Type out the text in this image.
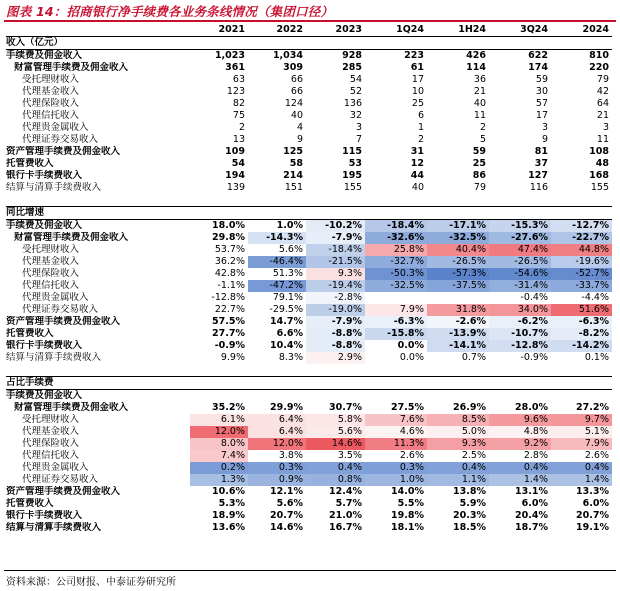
图表 14：招商银行净手续费各业务条线情况（集团口径）
	2021	2022	2023	1Q24	1H24	3Q24	2024
收入（亿元）							
手续费及佣金收入	1,023	1,034	928	223	426	622	810
财富管理手续费及佣金收入	361	309	285	61	114	174	220
受托理财收入	63	66	54	17	36	59	79
代理基金收入	123	66	52	10	21	30	42
代理保险收入	82	124	136	25	40	57	64
代理信托收入	75	40	32	6	11	17	21
代理贵金属收入	2	4	3	1	2	3	3
代理证券交易收入	13	9	7	2	5	9	11
资产管理手续费及佣金收入	109	125	115	31	59	81	108
托管费收入	54	58	53	12	25	37	48
银行卡手续费收入	194	214	195	44	86	127	168
结算与清算手续费收入	139	151	155	40	79	116	155

同比增速							
手续费及佣金收入	18.0%	1.0%	-10.2%	-18.4%	-17.1%	-15.3%	-12.7%
财富管理手续费及佣金收入	29.8%	-14.3%	-7.9%	-32.6%	-32.5%	-27.6%	-22.7%
受托理财收入	53.7%	5.6%	-18.4%	25.8%	40.4%	47.4%	44.8%
代理基金收入	36.2%	-46.4%	-21.5%	-32.7%	-26.5%	-26.5%	-19.6%
代理保险收入	42.8%	51.3%	9.3%	-50.3%	-57.3%	-54.6%	-52.7%
代理信托收入	-1.1%	-47.2%	-19.4%	-32.5%	-37.5%	-31.4%	-33.7%
代理贵金属收入	-12.8%	79.1%	-2.8%			-0.4%	-4.4%
代理证券交易收入	22.7%	-29.5%	-19.0%	7.9%	31.8%	34.0%	51.6%
资产管理手续费及佣金收入	57.5%	14.7%	-7.9%	-6.3%	-2.6%	-6.2%	-6.3%
托管费收入	27.7%	6.6%	-8.8%	-15.8%	-13.9%	-10.7%	-8.2%
银行卡手续费收入	-0.9%	10.4%	-8.8%	0.0%	-14.1%	-12.8%	-14.2%
结算与清算手续费收入	9.9%	8.3%	2.9%	0.0%	0.7%	-0.9%	0.1%

占比手续费							
手续费及佣金收入							
财富管理手续费及佣金收入	35.2%	29.9%	30.7%	27.5%	26.9%	28.0%	27.2%
受托理财收入	6.1%	6.4%	5.8%	7.6%	8.5%	9.6%	9.7%
代理基金收入	12.0%	6.4%	5.6%	4.6%	5.0%	4.8%	5.1%
代理保险收入	8.0%	12.0%	14.6%	11.3%	9.3%	9.2%	7.9%
代理信托收入	7.4%	3.8%	3.5%	2.6%	2.5%	2.8%	2.6%
代理贵金属收入	0.2%	0.3%	0.4%	0.3%	0.4%	0.4%	0.4%
代理证券交易收入	1.3%	0.9%	0.8%	1.0%	1.1%	1.4%	1.4%
资产管理手续费及佣金收入	10.6%	12.1%	12.4%	14.0%	13.8%	13.1%	13.3%
托管费收入	5.3%	5.6%	5.7%	5.5%	5.9%	6.0%	6.0%
银行卡手续费收入	18.9%	20.7%	21.0%	19.8%	20.3%	20.4%	20.7%
结算与清算手续费收入	13.6%	14.6%	16.7%	18.1%	18.5%	18.7%	19.1%
资料来源：公司财报、中泰证券研究所
